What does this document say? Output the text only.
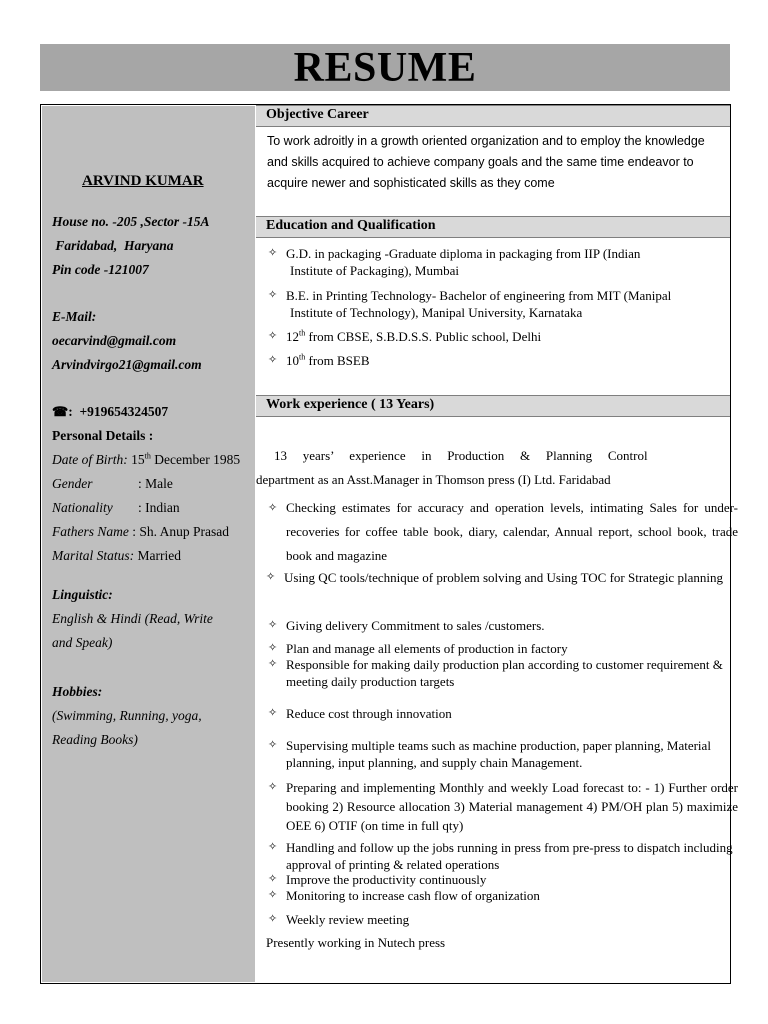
RESUME
ARVIND KUMAR
House no. -205 ,Sector -15A
Faridabad,  Haryana
Pin code -121007
E-Mail:
oecarvind@gmail.com
Arvindvirgo21@gmail.com
☎:  +919654324507
Personal Details :
Date of Birth: 15th December 1985
Gender	: Male
Nationality : Indian
Fathers Name : Sh. Anup Prasad
Marital Status: Married
Linguistic:
English & Hindi (Read, Write
and Speak)
Hobbies:
(Swimming, Running, yoga,
Reading Books)
Objective Career
To work adroitly in a growth oriented organization and to employ the knowledge and skills acquired to achieve company goals and the same time endeavor to acquire newer and sophisticated skills as they come
Education and Qualification
✧ G.D. in packaging -Graduate diploma in packaging from IIP (Indian
Institute of Packaging), Mumbai
✧ B.E. in Printing Technology- Bachelor of engineering from MIT (Manipal
Institute of Technology), Manipal University, Karnataka
✧ 12th from CBSE, S.B.D.S.S. Public school, Delhi
✧ 10th from BSEB
Work experience ( 13 Years)
13   years’   experience   in   Production   &   Planning   Control
department as an Asst.Manager in Thomson press (I) Ltd. Faridabad
✧ Checking estimates for accuracy and operation levels, intimating Sales for under-recoveries for coffee table book, diary, calendar, Annual report, school book, trade book and magazine
✧ Using QC tools/technique of problem solving and Using TOC for Strategic planning
✧ Giving delivery Commitment to sales /customers.
✧ Plan and manage all elements of production in factory
✧ Responsible for making daily production plan according to customer requirement & meeting daily production targets
✧ Reduce cost through innovation
✧ Supervising multiple teams such as machine production, paper planning, Material planning, input planning, and supply chain Management.
✧ Preparing and implementing Monthly and weekly Load forecast to: - 1) Further order booking 2) Resource allocation 3) Material management 4) PM/OH plan 5) maximize OEE 6) OTIF (on time in full qty)
✧ Handling and follow up the jobs running in press from pre-press to dispatch including approval of printing & related operations
✧ Improve the productivity continuously
✧ Monitoring to increase cash flow of organization
✧ Weekly review meeting
Presently working in Nutech press
